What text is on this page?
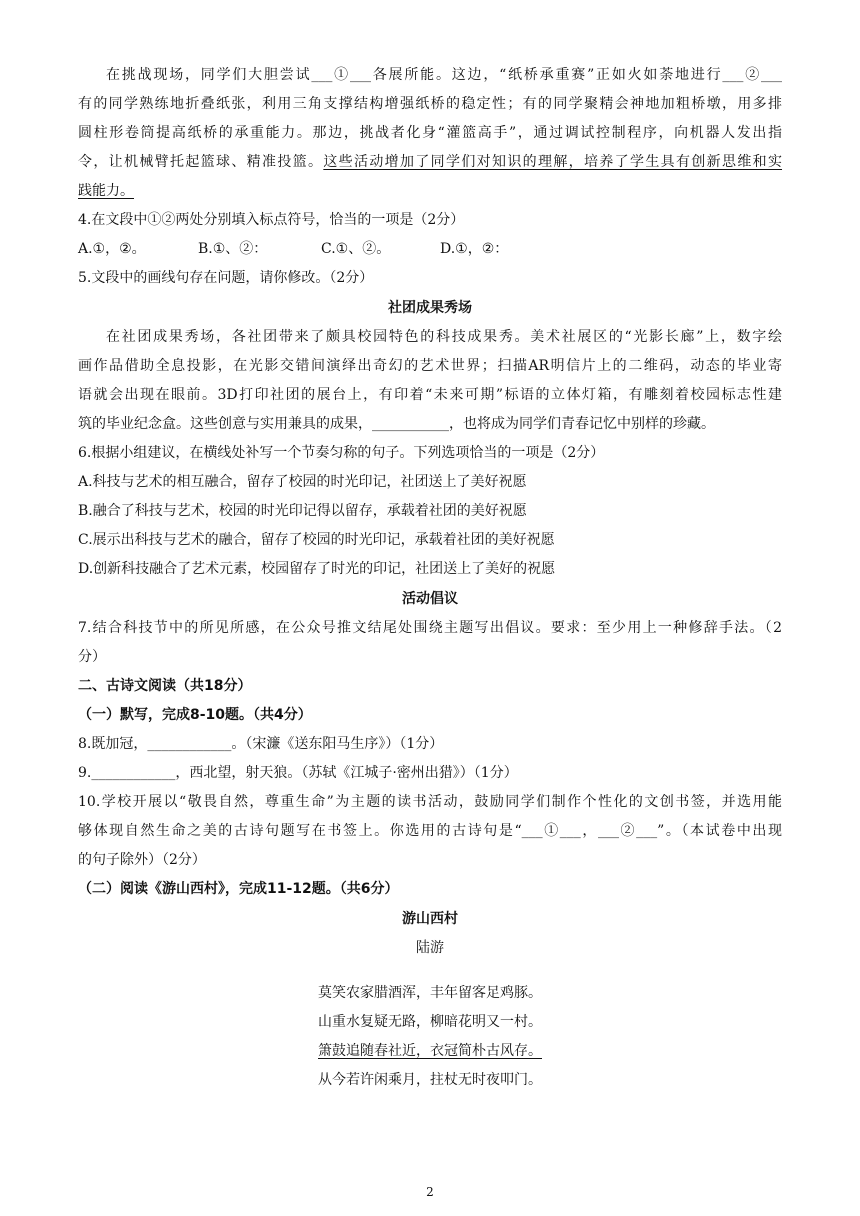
在挑战现场，同学们大胆尝试___①___各展所能。这边，“纸桥承重赛”正如火如荼地进行___②___
有的同学熟练地折叠纸张，利用三角支撑结构增强纸桥的稳定性；有的同学聚精会神地加粗桥墩，用多排
圆柱形卷筒提高纸桥的承重能力。那边，挑战者化身“灌篮高手”，通过调试控制程序，向机器人发出指
令，让机械臂托起篮球、精准投篮。这些活动增加了同学们对知识的理解，培养了学生具有创新思维和实
践能力。
4.在文段中①②两处分别填入标点符号，恰当的一项是（2分）
A.①，②。	B.①、②：	C.①、②。	D.①，②：
5.文段中的画线句存在问题，请你修改。（2分）
社团成果秀场
在社团成果秀场，各社团带来了颇具校园特色的科技成果秀。美术社展区的“光影长廊”上，数字绘
画作品借助全息投影，在光影交错间演绎出奇幻的艺术世界；扫描AR明信片上的二维码，动态的毕业寄
语就会出现在眼前。3D打印社团的展台上，有印着“未来可期”标语的立体灯箱，有雕刻着校园标志性建
筑的毕业纪念盒。这些创意与实用兼具的成果，___________，也将成为同学们青春记忆中别样的珍藏。
6.根据小组建议，在横线处补写一个节奏匀称的句子。下列选项恰当的一项是（2分）
A.科技与艺术的相互融合，留存了校园的时光印记，社团送上了美好祝愿
B.融合了科技与艺术，校园的时光印记得以留存，承载着社团的美好祝愿
C.展示出科技与艺术的融合，留存了校园的时光印记，承载着社团的美好祝愿
D.创新科技融合了艺术元素，校园留存了时光的印记，社团送上了美好的祝愿
活动倡议
7.结合科技节中的所见所感，在公众号推文结尾处围绕主题写出倡议。要求：至少用上一种修辞手法。（2
分）
二、古诗文阅读（共18分）
（一）默写，完成8-10题。（共4分）
8.既加冠，____________。（宋濂《送东阳马生序》）（1分）
9.____________，西北望，射天狼。（苏轼《江城子·密州出猎》）（1分）
10.学校开展以“敬畏自然，尊重生命”为主题的读书活动，鼓励同学们制作个性化的文创书签，并选用能
够体现自然生命之美的古诗句题写在书签上。你选用的古诗句是“___①___，___②___”。（本试卷中出现
的句子除外）（2分）
（二）阅读《游山西村》，完成11-12题。（共6分）
游山西村
陆游
莫笑农家腊酒浑，丰年留客足鸡豚。
山重水复疑无路，柳暗花明又一村。
箫鼓追随春社近，衣冠简朴古风存。
从今若许闲乘月，拄杖无时夜叩门。
2
